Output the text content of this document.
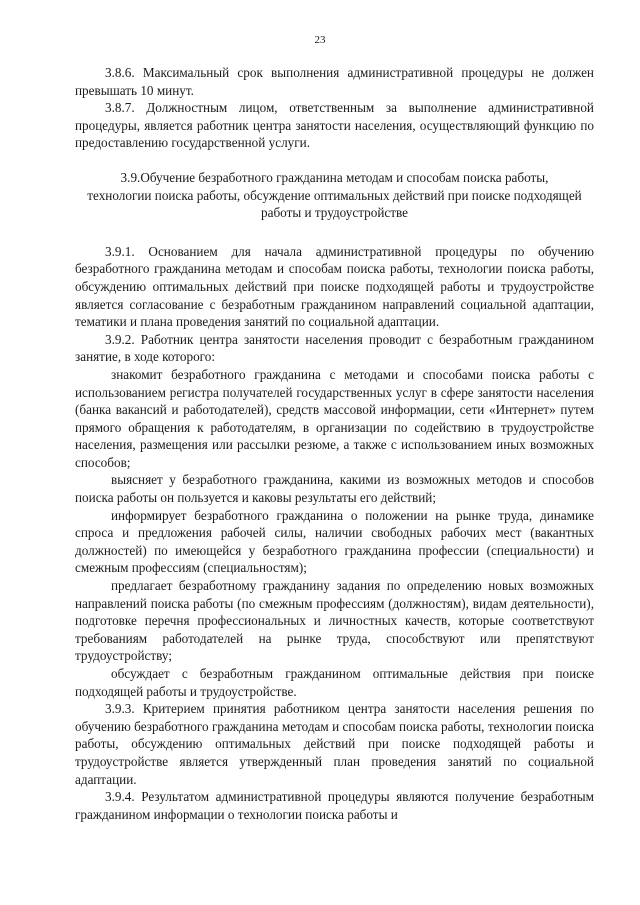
23

3.8.6. Максимальный срок выполнения административной процедуры не должен превышать 10 минут.

3.8.7. Должностным лицом, ответственным за выполнение административной процедуры, является работник центра занятости населения, осуществляющий функцию по предоставлению государственной услуги.

3.9.Обучение безработного гражданина методам и способам поиска работы, технологии поиска работы, обсуждение оптимальных действий при поиске подходящей работы и трудоустройстве

3.9.1. Основанием для начала административной процедуры по обучению безработного гражданина методам и способам поиска работы, технологии поиска работы, обсуждению оптимальных действий при поиске подходящей работы и трудоустройстве является согласование с безработным гражданином направлений социальной адаптации, тематики и плана проведения занятий по социальной адаптации.

3.9.2. Работник центра занятости населения проводит с безработным гражданином занятие, в ходе которого:

знакомит безработного гражданина с методами и способами поиска работы с использованием регистра получателей государственных услуг в сфере занятости населения (банка вакансий и работодателей), средств массовой информации, сети «Интернет» путем прямого обращения к работодателям, в организации по содействию в трудоустройстве населения, размещения или рассылки резюме, а также с использованием иных возможных способов;

выясняет у безработного гражданина, какими из возможных методов и способов поиска работы он пользуется и каковы результаты его действий;

информирует безработного гражданина о положении на рынке труда, динамике спроса и предложения рабочей силы, наличии свободных рабочих мест (вакантных должностей) по имеющейся у безработного гражданина профессии (специальности) и смежным профессиям (специальностям);

предлагает безработному гражданину задания по определению новых возможных направлений поиска работы (по смежным профессиям (должностям), видам деятельности), подготовке перечня профессиональных и личностных качеств, которые соответствуют требованиям работодателей на рынке труда, способствуют или препятствуют трудоустройству;

обсуждает с безработным гражданином оптимальные действия при поиске подходящей работы и трудоустройстве.

3.9.3. Критерием принятия работником центра занятости населения решения по обучению безработного гражданина методам и способам поиска работы, технологии поиска работы, обсуждению оптимальных действий при поиске подходящей работы и трудоустройстве является утвержденный план проведения занятий по социальной адаптации.

3.9.4. Результатом административной процедуры являются получение безработным гражданином информации о технологии поиска работы и
